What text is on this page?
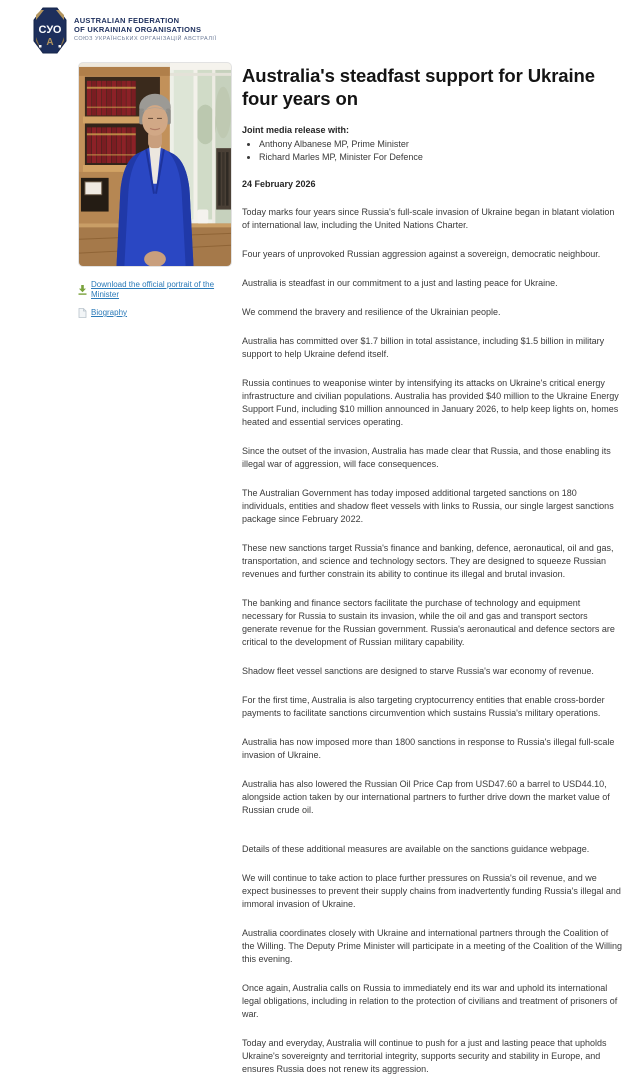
СУО
А
AUSTRALIAN FEDERATION
OF UKRAINIAN ORGANISATIONS
СОЮЗ УКРАЇНСЬКИХ ОРГАНІЗАЦІЙ АВСТРАЛІЇ
Download the official portrait of the Minister
Biography
Australia's steadfast support for Ukraine four years on

Joint media release with:

• Anthony Albanese MP, Prime Minister
• Richard Marles MP, Minister For Defence

24 February 2026

Today marks four years since Russia's full-scale invasion of Ukraine began in blatant violation of international law, including the United Nations Charter.

Four years of unprovoked Russian aggression against a sovereign, democratic neighbour.

Australia is steadfast in our commitment to a just and lasting peace for Ukraine.

We commend the bravery and resilience of the Ukrainian people.

Australia has committed over $1.7 billion in total assistance, including $1.5 billion in military support to help Ukraine defend itself.

Russia continues to weaponise winter by intensifying its attacks on Ukraine's critical energy infrastructure and civilian populations. Australia has provided $40 million to the Ukraine Energy Support Fund, including $10 million announced in January 2026, to help keep lights on, homes heated and essential services operating.

Since the outset of the invasion, Australia has made clear that Russia, and those enabling its illegal war of aggression, will face consequences.

The Australian Government has today imposed additional targeted sanctions on 180 individuals, entities and shadow fleet vessels with links to Russia, our single largest sanctions package since February 2022.

These new sanctions target Russia's finance and banking, defence, aeronautical, oil and gas, transportation, and science and technology sectors. They are designed to squeeze Russian revenues and further constrain its ability to continue its illegal and brutal invasion.

The banking and finance sectors facilitate the purchase of technology and equipment necessary for Russia to sustain its invasion, while the oil and gas and transport sectors generate revenue for the Russian government. Russia's aeronautical and defence sectors are critical to the development of Russian military capability.

Shadow fleet vessel sanctions are designed to starve Russia's war economy of revenue.

For the first time, Australia is also targeting cryptocurrency entities that enable cross-border payments to facilitate sanctions circumvention which sustains Russia's military operations.

Australia has now imposed more than 1800 sanctions in response to Russia's illegal full-scale invasion of Ukraine.

Australia has also lowered the Russian Oil Price Cap from USD47.60 a barrel to USD44.10, alongside action taken by our international partners to further drive down the market value of Russian crude oil.

Details of these additional measures are available on the sanctions guidance webpage.

We will continue to take action to place further pressures on Russia's oil revenue, and we expect businesses to prevent their supply chains from inadvertently funding Russia's illegal and immoral invasion of Ukraine.

Australia coordinates closely with Ukraine and international partners through the Coalition of the Willing. The Deputy Prime Minister will participate in a meeting of the Coalition of the Willing this evening.

Once again, Australia calls on Russia to immediately end its war and uphold its international legal obligations, including in relation to the protection of civilians and treatment of prisoners of war.

Today and everyday, Australia will continue to push for a just and lasting peace that upholds Ukraine's sovereignty and territorial integrity, supports security and stability in Europe, and ensures Russia does not renew its aggression.
